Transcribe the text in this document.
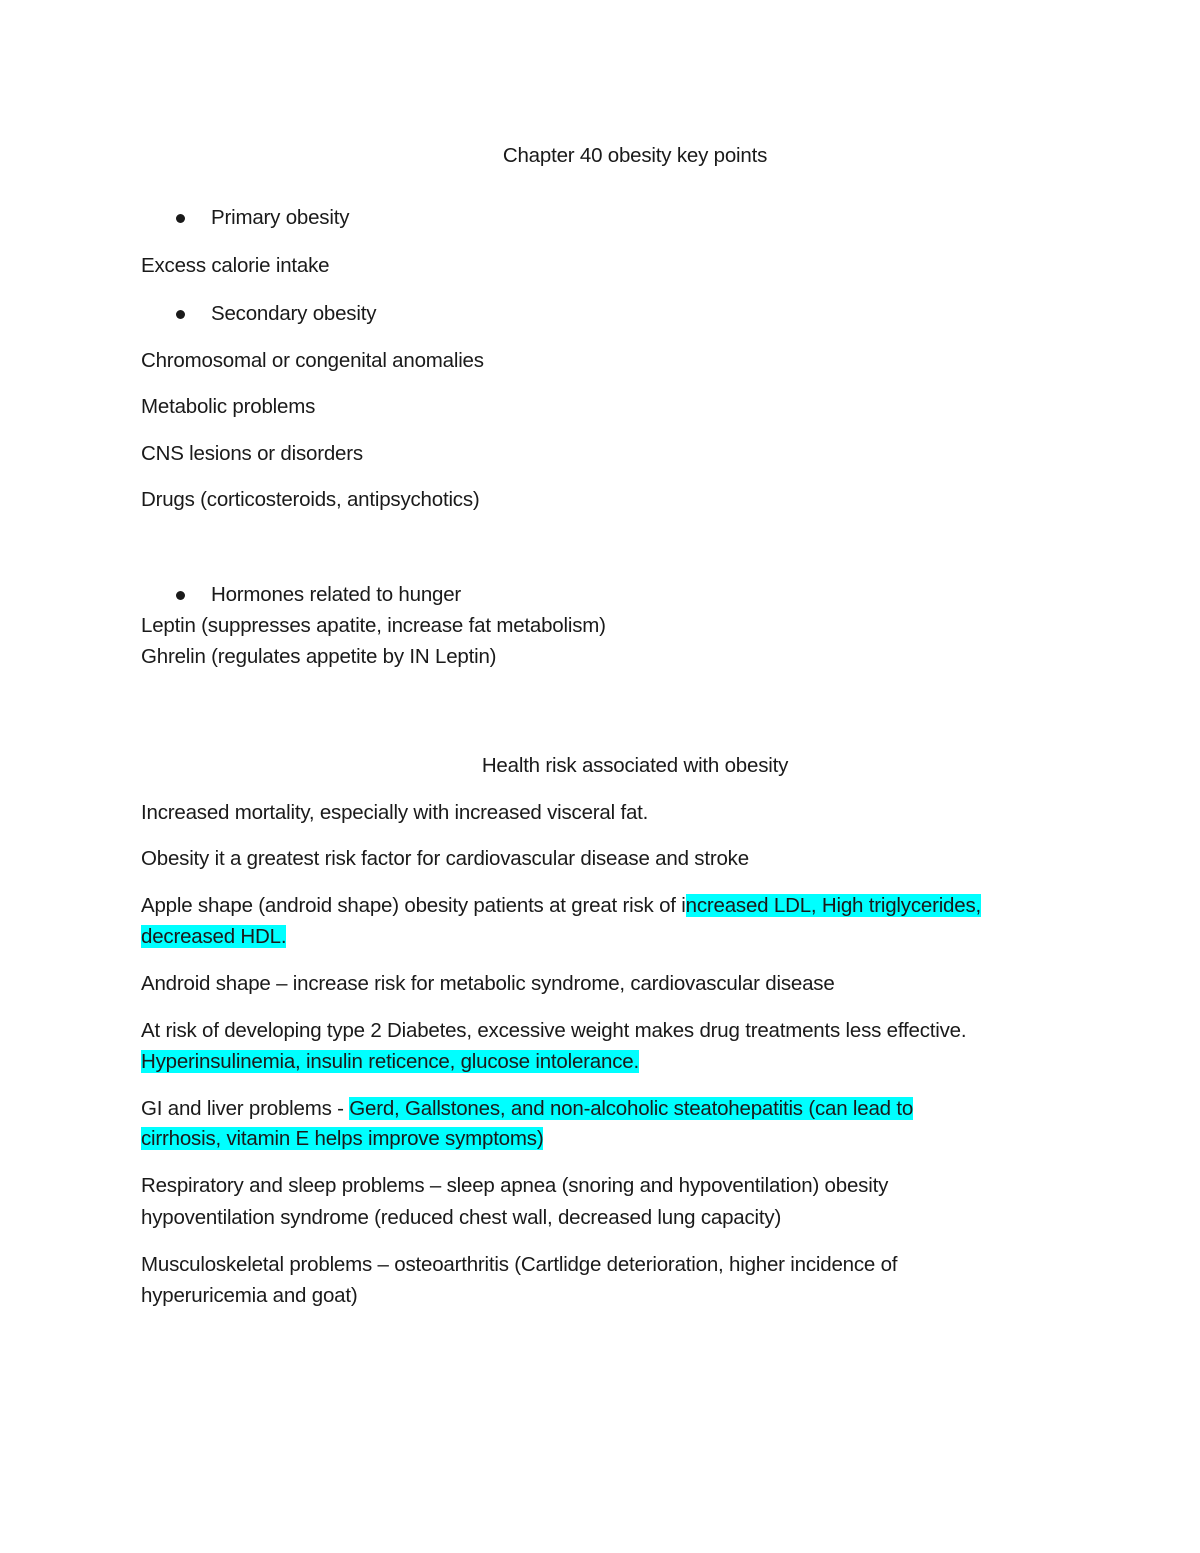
Chapter 40 obesity key points
Primary obesity
Excess calorie intake
Secondary obesity
Chromosomal or congenital anomalies
Metabolic problems
CNS lesions or disorders
Drugs (corticosteroids, antipsychotics)
Hormones related to hunger
Leptin (suppresses apatite, increase fat metabolism)
Ghrelin (regulates appetite by IN Leptin)
Health risk associated with obesity
Increased mortality, especially with increased visceral fat.
Obesity it a greatest risk factor for cardiovascular disease and stroke
Apple shape (android shape) obesity patients at great risk of increased LDL, High triglycerides,
decreased HDL.
Android shape – increase risk for metabolic syndrome, cardiovascular disease
At risk of developing type 2 Diabetes, excessive weight makes drug treatments less effective.
Hyperinsulinemia, insulin reticence, glucose intolerance.
GI and liver problems - Gerd, Gallstones, and non-alcoholic steatohepatitis (can lead to
cirrhosis, vitamin E helps improve symptoms)
Respiratory and sleep problems – sleep apnea (snoring and hypoventilation) obesity
hypoventilation syndrome (reduced chest wall, decreased lung capacity)
Musculoskeletal problems – osteoarthritis (Cartlidge deterioration, higher incidence of
hyperuricemia and goat)
